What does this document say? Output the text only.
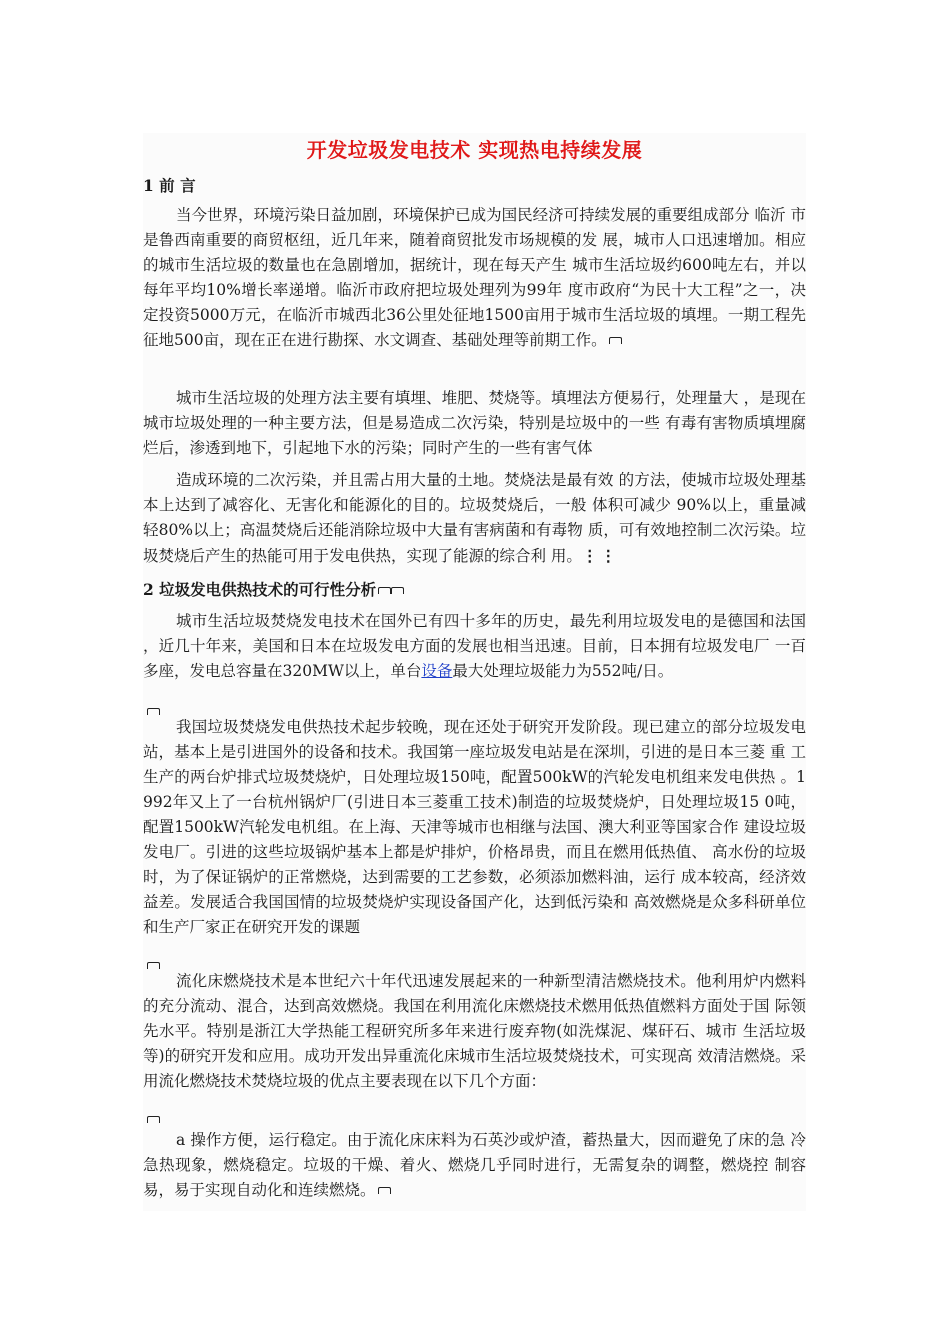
开发垃圾发电技术 实现热电持续发展
1 前 言

当今世界，环境污染日益加剧，环境保护已成为国民经济可持续发展的重要组成部分 临沂 市是鲁西南重要的商贸枢纽，近几年来，随着商贸批发市场规模的发 展，城市人口迅速增加。相应的城市生活垃圾的数量也在急剧增加，据统计，现在每天产生 城市生活垃圾约600吨左右，并以每年平均10%增长率递增。临沂市政府把垃圾处理列为99年 度市政府“为民十大工程”之一，决定投资5000万元，在临沂市城西北36公里处征地1500亩用于城市生活垃圾的填埋。一期工程先征地500亩，现在正在进行勘探、水文调查、基础处理等前期工作。

城市生活垃圾的处理方法主要有填埋、堆肥、焚烧等。填埋法方便易行，处理量大 ，是现在城市垃圾处理的一种主要方法，但是易造成二次污染，特别是垃圾中的一些 有毒有害物质填埋腐烂后，渗透到地下，引起地下水的污染；同时产生的一些有害气体

造成环境的二次污染，并且需占用大量的土地。焚烧法是最有效 的方法，使城市垃圾处理基本上达到了减容化、无害化和能源化的目的。垃圾焚烧后，一般 体积可减少 90%以上，重量减轻80%以上；高温焚烧后还能消除垃圾中大量有害病菌和有毒物 质，可有效地控制二次污染。垃圾焚烧后产生的热能可用于发电供热，实现了能源的综合利 用。⋮⋮

2 垃圾发电供热技术的可行性分析

城市生活垃圾焚烧发电技术在国外已有四十多年的历史，最先利用垃圾发电的是德国和法国 ，近几十年来，美国和日本在垃圾发电方面的发展也相当迅速。目前，日本拥有垃圾发电厂 一百多座，发电总容量在320MW以上，单台设备最大处理垃圾能力为552吨/日。

我国垃圾焚烧发电供热技术起步较晚，现在还处于研究开发阶段。现已建立的部分垃圾发电 站，基本上是引进国外的设备和技术。我国第一座垃圾发电站是在深圳，引进的是日本三菱 重 工生产的两台炉排式垃圾焚烧炉，日处理垃圾150吨，配置500kW的汽轮发电机组来发电供热 。1992年又上了一台杭州锅炉厂(引进日本三菱重工技术)制造的垃圾焚烧炉，日处理垃圾15 0吨，配置1500kW汽轮发电机组。在上海、天津等城市也相继与法国、澳大利亚等国家合作 建设垃圾发电厂。引进的这些垃圾锅炉基本上都是炉排炉，价格昂贵，而且在燃用低热值、 高水份的垃圾时，为了保证锅炉的正常燃烧，达到需要的工艺参数，必须添加燃料油，运行 成本较高，经济效益差。发展适合我国国情的垃圾焚烧炉实现设备国产化，达到低污染和 高效燃烧是众多科研单位和生产厂家正在研究开发的课题

流化床燃烧技术是本世纪六十年代迅速发展起来的一种新型清洁燃烧技术。他利用炉内燃料 的充分流动、混合，达到高效燃烧。我国在利用流化床燃烧技术燃用低热值燃料方面处于国 际领先水平。特别是浙江大学热能工程研究所多年来进行废弃物(如洗煤泥、煤矸石、城市 生活垃圾等)的研究开发和应用。成功开发出异重流化床城市生活垃圾焚烧技术，可实现高 效清洁燃烧。采用流化燃烧技术焚烧垃圾的优点主要表现在以下几个方面：

a 操作方便，运行稳定。由于流化床床料为石英沙或炉渣，蓄热量大，因而避免了床的急 冷急热现象，燃烧稳定。垃圾的干燥、着火、燃烧几乎同时进行，无需复杂的调整，燃烧控 制容易，易于实现自动化和连续燃烧。
